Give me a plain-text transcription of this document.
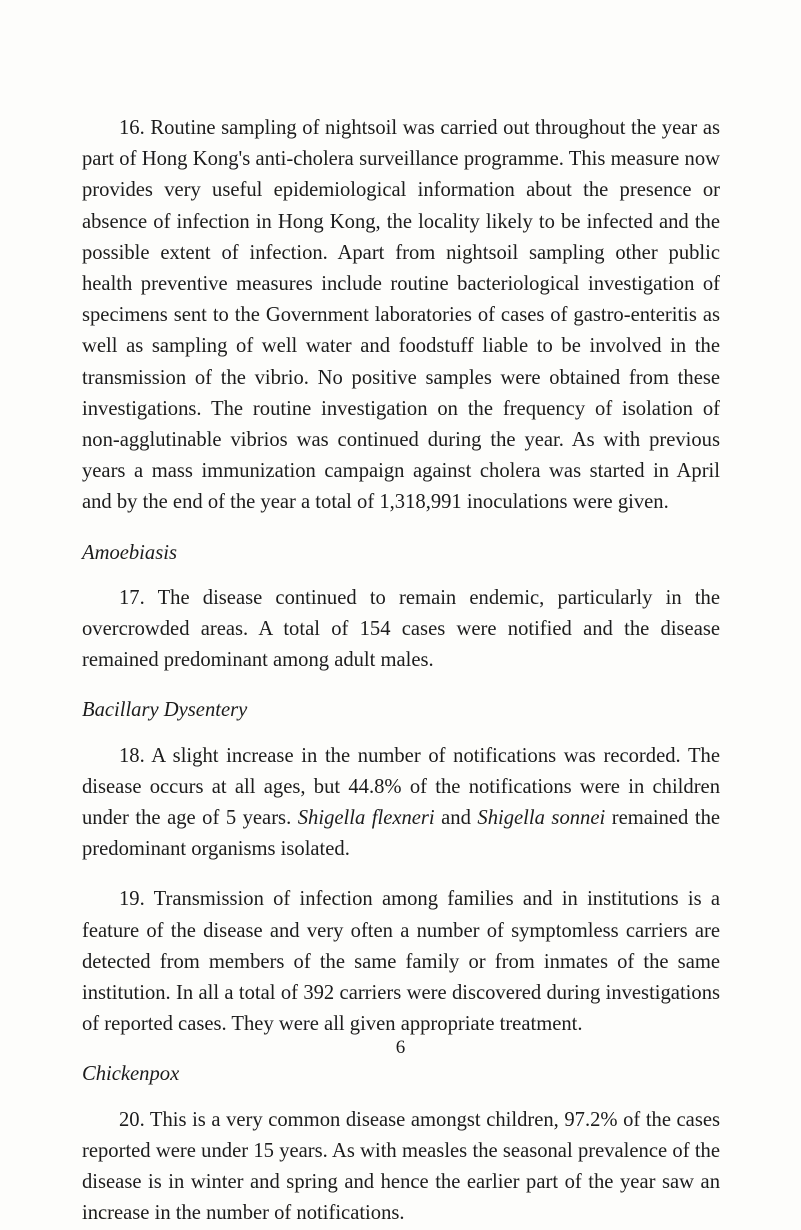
16. Routine sampling of nightsoil was carried out throughout the year as part of Hong Kong's anti-cholera surveillance programme. This measure now provides very useful epidemiological information about the presence or absence of infection in Hong Kong, the locality likely to be infected and the possible extent of infection. Apart from nightsoil sampling other public health preventive measures include routine bacteriological investigation of specimens sent to the Government laboratories of cases of gastro-enteritis as well as sampling of well water and foodstuff liable to be involved in the transmission of the vibrio. No positive samples were obtained from these investigations. The routine investigation on the frequency of isolation of non-agglutinable vibrios was continued during the year. As with previous years a mass immunization campaign against cholera was started in April and by the end of the year a total of 1,318,991 inoculations were given.

Amoebiasis

17. The disease continued to remain endemic, particularly in the overcrowded areas. A total of 154 cases were notified and the disease remained predominant among adult males.

Bacillary Dysentery

18. A slight increase in the number of notifications was recorded. The disease occurs at all ages, but 44.8% of the notifications were in children under the age of 5 years. Shigella flexneri and Shigella sonnei remained the predominant organisms isolated.

19. Transmission of infection among families and in institutions is a feature of the disease and very often a number of symptomless carriers are detected from members of the same family or from inmates of the same institution. In all a total of 392 carriers were discovered during investigations of reported cases. They were all given appropriate treatment.

Chickenpox

20. This is a very common disease amongst children, 97.2% of the cases reported were under 15 years. As with measles the seasonal prevalence of the disease is in winter and spring and hence the earlier part of the year saw an increase in the number of notifications.

6
